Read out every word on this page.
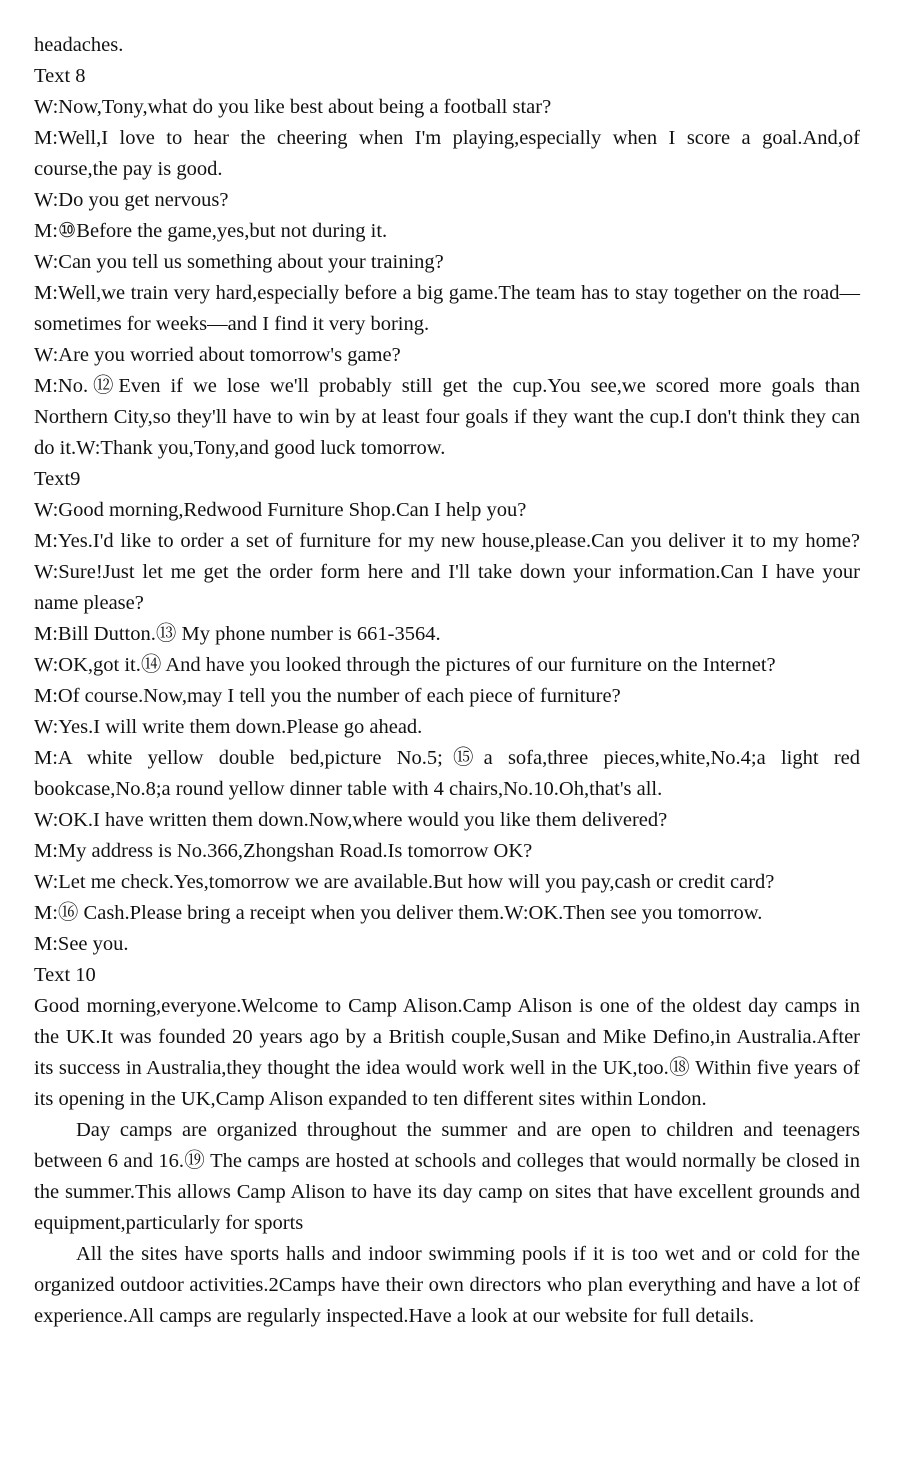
headaches.

Text 8

W:Now,Tony,what do you like best about being a football star?

M:Well,I love to hear the cheering when I'm playing,especially when I score a goal.And,of course,the pay is good.

W:Do you get nervous?

M:⑩Before the game,yes,but not during it.

W:Can you tell us something about your training?

M:Well,we train very hard,especially before a big game.The team has to stay together on the road—sometimes for weeks—and I find it very boring.

W:Are you worried about tomorrow's game?

M:No.⑫Even if we lose we'll probably still get the cup.You see,we scored more goals than Northern City,so they'll have to win by at least four goals if they want the cup.I don't think they can do it.W:Thank you,Tony,and good luck tomorrow.

Text9

W:Good morning,Redwood Furniture Shop.Can I help you?

M:Yes.I'd like to order a set of furniture for my new house,please.Can you deliver it to my home?W:Sure!Just let me get the order form here and I'll take down your information.Can I have your name please?

M:Bill Dutton.⑬ My phone number is 661-3564.

W:OK,got it.⑭ And have you looked through the pictures of our furniture on the Internet?

M:Of course.Now,may I tell you the number of each piece of furniture?

W:Yes.I will write them down.Please go ahead.

M:A white yellow double bed,picture No.5;⑮a sofa,three pieces,white,No.4;a light red bookcase,No.8;a round yellow dinner table with 4 chairs,No.10.Oh,that's all.

W:OK.I have written them down.Now,where would you like them delivered?

M:My address is No.366,Zhongshan Road.Is tomorrow OK?

W:Let me check.Yes,tomorrow we are available.But how will you pay,cash or credit card?

M:⑯ Cash.Please bring a receipt when you deliver them.W:OK.Then see you tomorrow.

M:See you.

Text 10

Good morning,everyone.Welcome to Camp Alison.Camp Alison is one of the oldest day camps in the UK.It was founded 20 years ago by a British couple,Susan and Mike Defino,in Australia.After its success in Australia,they thought the idea would work well in the UK,too.⑱ Within five years of its opening in the UK,Camp Alison expanded to ten different sites within London.

Day camps are organized throughout the summer and are open to children and teenagers between 6 and 16.⑲ The camps are hosted at schools and colleges that would normally be closed in the summer.This allows Camp Alison to have its day camp on sites that have excellent grounds and equipment,particularly for sports

All the sites have sports halls and indoor swimming pools if it is too wet and or cold for the organized outdoor activities.2Camps have their own directors who plan everything and have a lot of experience.All camps are regularly inspected.Have a look at our website for full details.
